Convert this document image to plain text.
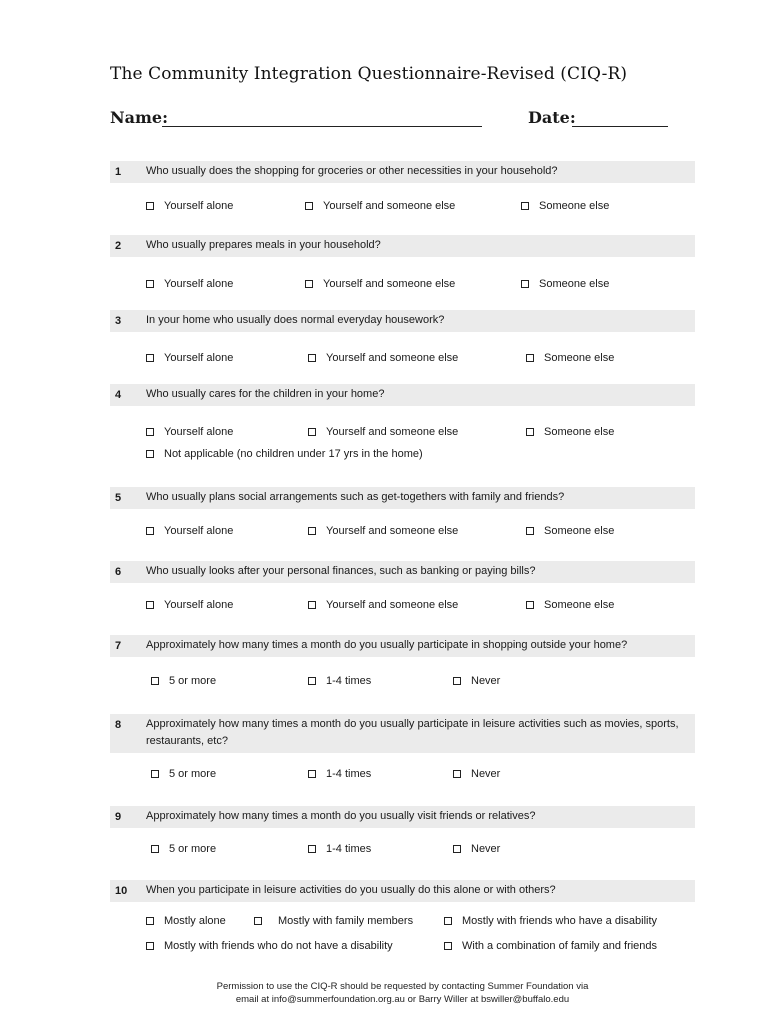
The Community Integration Questionnaire-Revised (CIQ-R)
Name:	Date:
1 Who usually does the shopping for groceries or other necessities in your household?
Yourself alone	Yourself and someone else	Someone else
2 Who usually prepares meals in your household?
Yourself alone	Yourself and someone else	Someone else
3 In your home who usually does normal everyday housework?
Yourself alone	Yourself and someone else	Someone else
4 Who usually cares for the children in your home?
Yourself alone	Yourself and someone else	Someone else
Not applicable (no children under 17 yrs in the home)
5 Who usually plans social arrangements such as get-togethers with family and friends?
Yourself alone	Yourself and someone else	Someone else
6 Who usually looks after your personal finances, such as banking or paying bills?
Yourself alone	Yourself and someone else	Someone else
7 Approximately how many times a month do you usually participate in shopping outside your home?
5 or more	1-4 times	Never
8 Approximately how many times a month do you usually participate in leisure activities such as movies, sports, restaurants, etc?
5 or more	1-4 times	Never
9 Approximately how many times a month do you usually visit friends or relatives?
5 or more	1-4 times	Never
10 When you participate in leisure activities do you usually do this alone or with others?
Mostly alone	Mostly with family members	Mostly with friends who have a disability
Mostly with friends who do not have a disability	With a combination of family and friends
Permission to use the CIQ-R should be requested by contacting Summer Foundation via
email at info@summerfoundation.org.au or Barry Willer at bswiller@buffalo.edu
